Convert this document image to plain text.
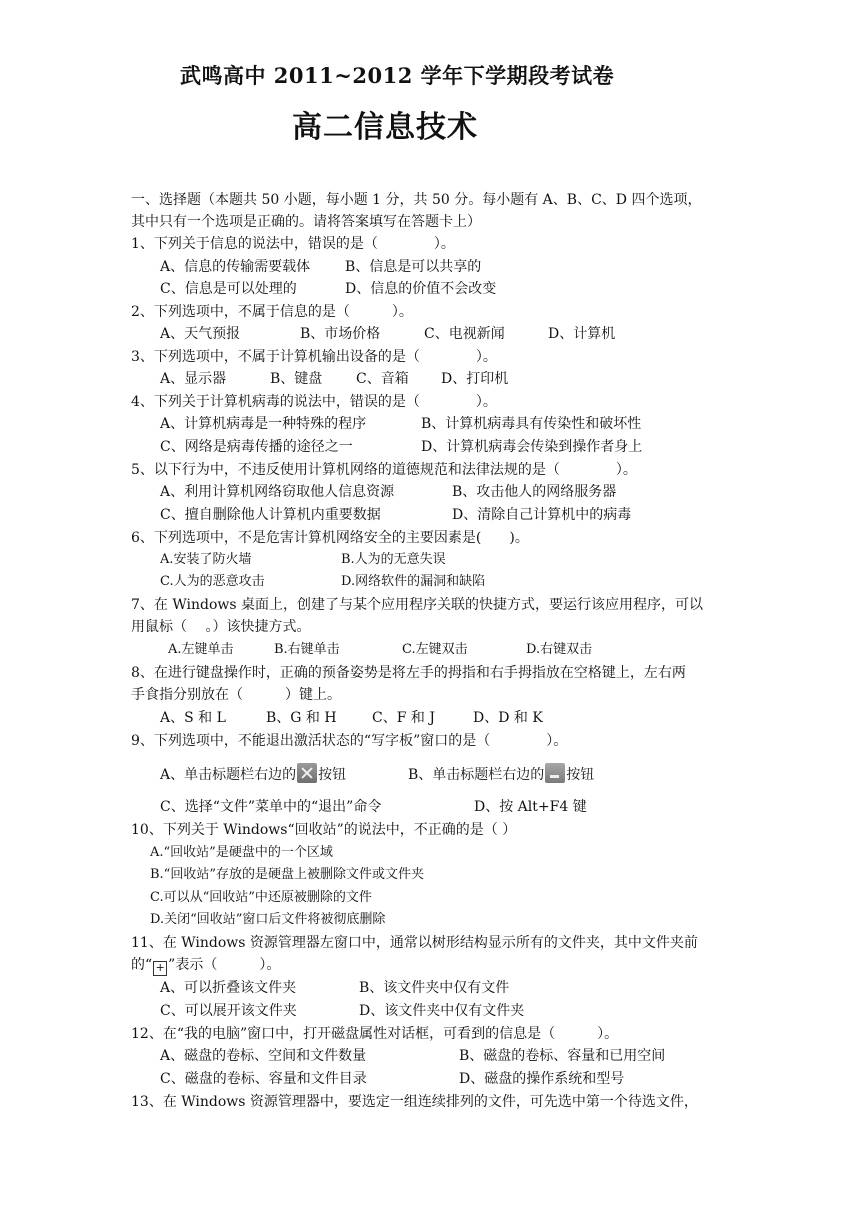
武鸣高中 2011~2012 学年下学期段考试卷
高二信息技术
一、选择题（本题共 50 小题，每小题 1 分，共 50 分。每小题有 A、B、C、D 四个选项，
其中只有一个选项是正确的。请将答案填写在答题卡上）
1、下列关于信息的说法中，错误的是（　　　　）。
A、信息的传输需要载体 B、信息是可以共享的
C、信息是可以处理的	D、信息的价值不会改变
2、下列选项中，不属于信息的是（　　　）。
A、天气预报	B、市场价格	C、电视新闻	D、计算机
3、下列选项中，不属于计算机输出设备的是（　　　　）。
A、显示器	B、键盘 C、音箱 D、打印机
4、下列关于计算机病毒的说法中，错误的是（　　　　）。
A、计算机病毒是一种特殊的程序	B、计算机病毒具有传染性和破坏性
C、网络是病毒传播的途径之一	D、计算机病毒会传染到操作者身上
5、以下行为中，不违反使用计算机网络的道德规范和法律法规的是（　　　　）。
A、利用计算机网络窃取他人信息资源	B、攻击他人的网络服务器
C、擅自删除他人计算机内重要数据	D、清除自己计算机中的病毒
6、下列选项中，不是危害计算机网络安全的主要因素是(　　)。
A.安装了防火墙	B.人为的无意失误
C.人为的恶意攻击	D.网络软件的漏洞和缺陷
7、在 Windows 桌面上，创建了与某个应用程序关联的快捷方式，要运行该应用程序，可以
用鼠标（　 。）该快捷方式。
A.左键单击	B.右键单击	C.左键双击	D.右键双击
8、在进行键盘操作时，正确的预备姿势是将左手的拇指和右手拇指放在空格键上，左右两
手食指分别放在（　　　）键上。
A、S 和 L	B、G 和 H	C、F 和 J	D、D 和 K
9、下列选项中，不能退出激活状态的“写字板”窗口的是（　　　　）。
A、单击标题栏右边的 按钮	B、单击标题栏右边的 按钮
C、选择“文件”菜单中的“退出”命令	D、按 Alt+F4 键
10、下列关于 Windows“回收站”的说法中，不正确的是（ ）
A.“回收站”是硬盘中的一个区域
B.“回收站”存放的是硬盘上被删除文件或文件夹
C.可以从“回收站”中还原被删除的文件
D.关闭“回收站”窗口后文件将被彻底删除
11、在 Windows 资源管理器左窗口中，通常以树形结构显示所有的文件夹，其中文件夹前
的“ + ”表示（　　　）。
A、可以折叠该文件夹	B、该文件夹中仅有文件
C、可以展开该文件夹	D、该文件夹中仅有文件夹
12、在“我的电脑”窗口中，打开磁盘属性对话框，可看到的信息是（　　　）。
A、磁盘的卷标、空间和文件数量	B、磁盘的卷标、容量和已用空间
C、磁盘的卷标、容量和文件目录	D、磁盘的操作系统和型号
13、在 Windows 资源管理器中，要选定一组连续排列的文件，可先选中第一个待选文件，
